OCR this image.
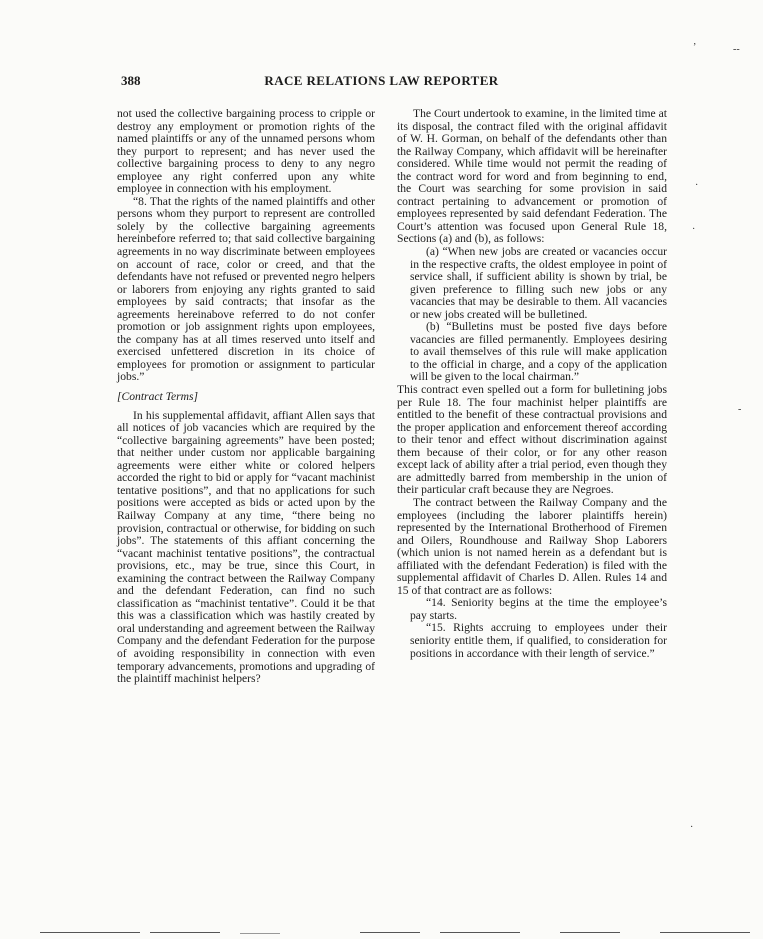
388	RACE RELATIONS LAW REPORTER

not used the collective bargaining process to cripple or destroy any employment or promotion rights of the named plaintiffs or any of the unnamed persons whom they purport to represent; and has never used the collective bargaining process to deny to any negro employee any right conferred upon any white employee in connection with his employment.

“8. That the rights of the named plaintiffs and other persons whom they purport to represent are controlled solely by the collective bargaining agreements hereinbefore referred to; that said collective bargaining agreements in no way discriminate between employees on account of race, color or creed, and that the defendants have not refused or prevented negro helpers or laborers from enjoying any rights granted to said employees by said contracts; that insofar as the agreements hereinabove referred to do not confer promotion or job assignment rights upon employees, the company has at all times reserved unto itself and exercised unfettered discretion in its choice of employees for promotion or assignment to particular jobs.”

[Contract Terms]

In his supplemental affidavit, affiant Allen says that all notices of job vacancies which are required by the “collective bargaining agreements” have been posted; that neither under custom nor applicable bargaining agreements were either white or colored helpers accorded the right to bid or apply for “vacant machinist tentative positions”, and that no applications for such positions were accepted as bids or acted upon by the Railway Company at any time, “there being no provision, contractual or otherwise, for bidding on such jobs”. The statements of this affiant concerning the “vacant machinist tentative positions”, the contractual provisions, etc., may be true, since this Court, in examining the contract between the Railway Company and the defendant Federation, can find no such classification as “machinist tentative”. Could it be that this was a classification which was hastily created by oral understanding and agreement between the Railway Company and the defendant Federation for the purpose of avoiding responsibility in connection with even temporary advancements, promotions and upgrading of the plaintiff machinist helpers?

The Court undertook to examine, in the limited time at its disposal, the contract filed with the original affidavit of W. H. Gorman, on behalf of the defendants other than the Railway Company, which affidavit will be hereinafter considered. While time would not permit the reading of the contract word for word and from beginning to end, the Court was searching for some provision in said contract pertaining to advancement or promotion of employees represented by said defendant Federation. The Court’s attention was focused upon General Rule 18, Sections (a) and (b), as follows:

(a) “When new jobs are created or vacancies occur in the respective crafts, the oldest employee in point of service shall, if sufficient ability is shown by trial, be given preference to filling such new jobs or any vacancies that may be desirable to them. All vacancies or new jobs created will be bulletined.

(b) “Bulletins must be posted five days before vacancies are filled permanently. Employees desiring to avail themselves of this rule will make application to the official in charge, and a copy of the application will be given to the local chairman.”

This contract even spelled out a form for bulletining jobs per Rule 18. The four machinist helper plaintiffs are entitled to the benefit of these contractual provisions and the proper application and enforcement thereof according to their tenor and effect without discrimination against them because of their color, or for any other reason except lack of ability after a trial period, even though they are admittedly barred from membership in the union of their particular craft because they are Negroes.

The contract between the Railway Company and the employees (including the laborer plaintiffs herein) represented by the International Brotherhood of Firemen and Oilers, Roundhouse and Railway Shop Laborers (which union is not named herein as a defendant but is affiliated with the defendant Federation) is filed with the supplemental affidavit of Charles D. Allen. Rules 14 and 15 of that contract are as follows:

“14. Seniority begins at the time the employee’s pay starts.

“15. Rights accruing to employees under their seniority entitle them, if qualified, to consideration for positions in accordance with their length of service.”

ʼ	‑‑
·
·
‑
·
